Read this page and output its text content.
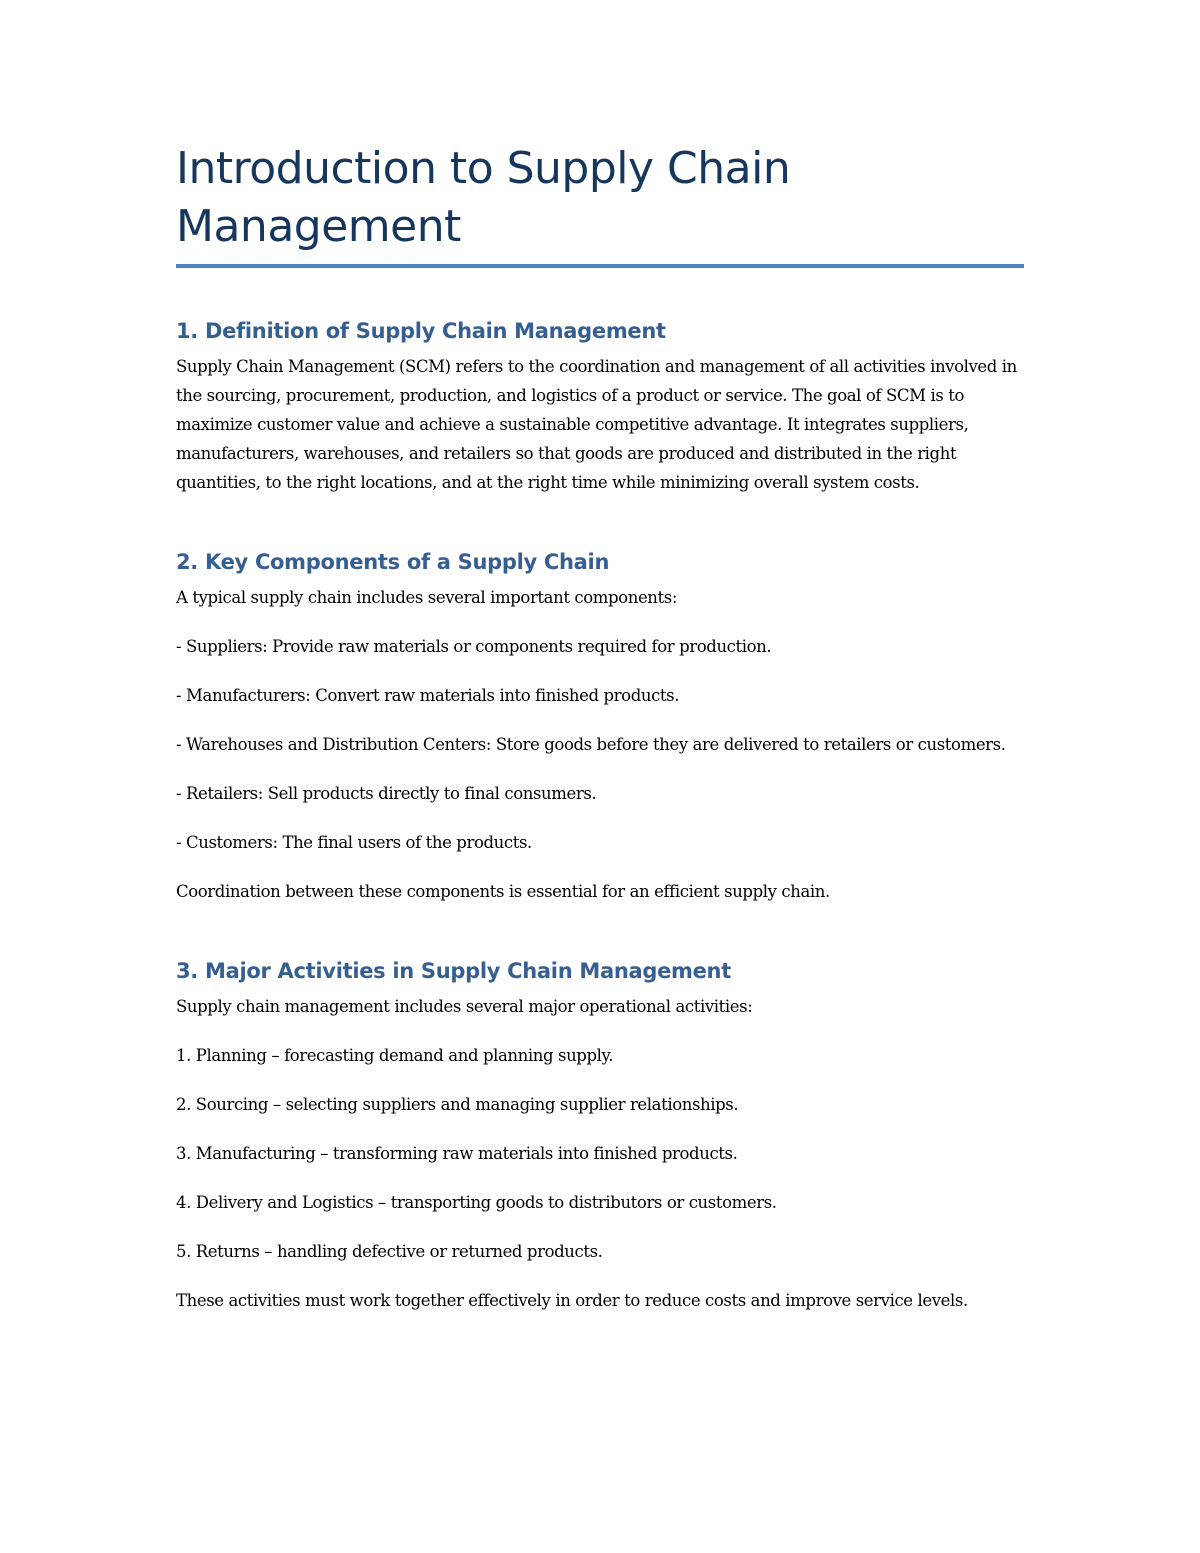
Introduction to Supply Chain Management
1. Definition of Supply Chain Management

Supply Chain Management (SCM) refers to the coordination and management of all activities involved in the sourcing, procurement, production, and logistics of a product or service. The goal of SCM is to maximize customer value and achieve a sustainable competitive advantage. It integrates suppliers, manufacturers, warehouses, and retailers so that goods are produced and distributed in the right quantities, to the right locations, and at the right time while minimizing overall system costs.

2. Key Components of a Supply Chain

A typical supply chain includes several important components:

- Suppliers: Provide raw materials or components required for production.

- Manufacturers: Convert raw materials into finished products.

- Warehouses and Distribution Centers: Store goods before they are delivered to retailers or customers.

- Retailers: Sell products directly to final consumers.

- Customers: The final users of the products.

Coordination between these components is essential for an efficient supply chain.

3. Major Activities in Supply Chain Management

Supply chain management includes several major operational activities:

1. Planning – forecasting demand and planning supply.

2. Sourcing – selecting suppliers and managing supplier relationships.

3. Manufacturing – transforming raw materials into finished products.

4. Delivery and Logistics – transporting goods to distributors or customers.

5. Returns – handling defective or returned products.

These activities must work together effectively in order to reduce costs and improve service levels.
